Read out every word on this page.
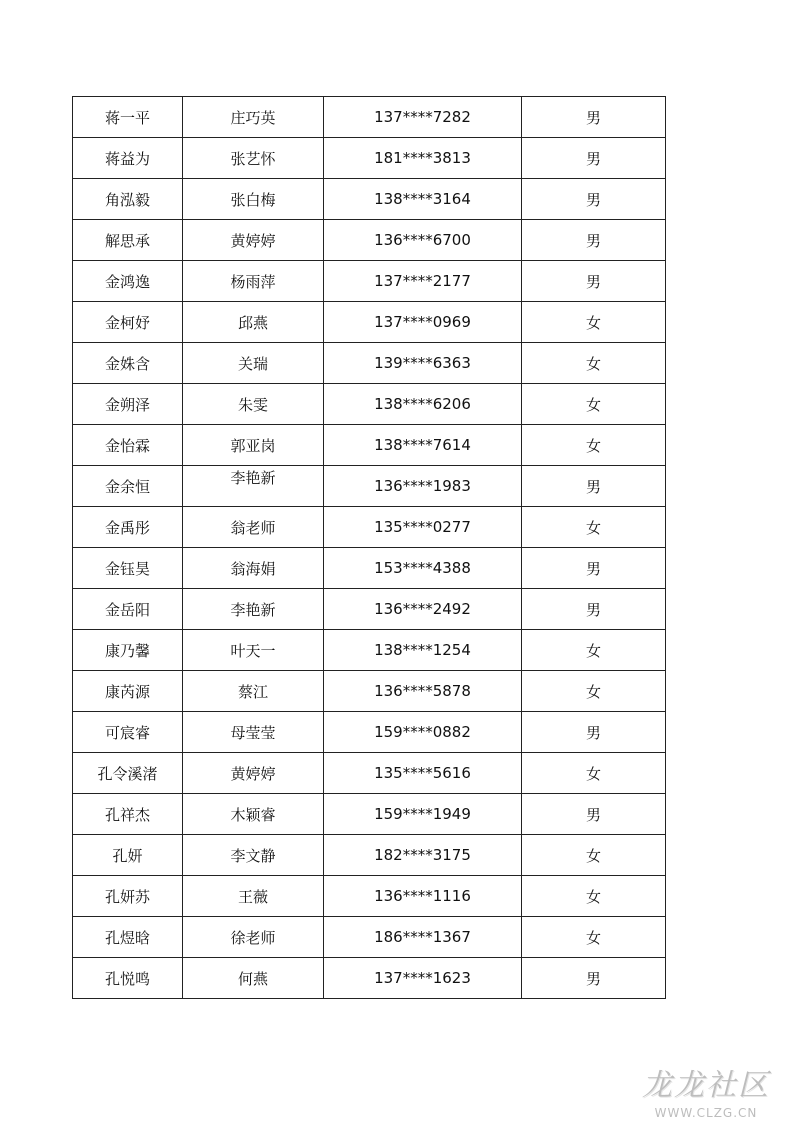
蒋一平	庄巧英	137****7282	男
蒋益为	张艺怀	181****3813	男
角泓毅	张白梅	138****3164	男
解思承	黄婷婷	136****6700	男
金鸿逸	杨雨萍	137****2177	男
金柯妤	邱燕	137****0969	女
金姝含	关瑞	139****6363	女
金朔泽	朱雯	138****6206	女
金怡霖	郭亚岗	138****7614	女
金余恒	李艳新	136****1983	男
金禹彤	翁老师	135****0277	女
金钰昊	翁海娟	153****4388	男
金岳阳	李艳新	136****2492	男
康乃馨	叶天一	138****1254	女
康芮源	蔡江	136****5878	女
可宸睿	母莹莹	159****0882	男
孔令溪渚	黄婷婷	135****5616	女
孔祥杰	木颖睿	159****1949	男
孔妍	李文静	182****3175	女
孔妍苏	王薇	136****1116	女
孔煜晗	徐老师	186****1367	女
孔悦鸣	何燕	137****1623	男
龙龙社区
WWW.CLZG.CN
